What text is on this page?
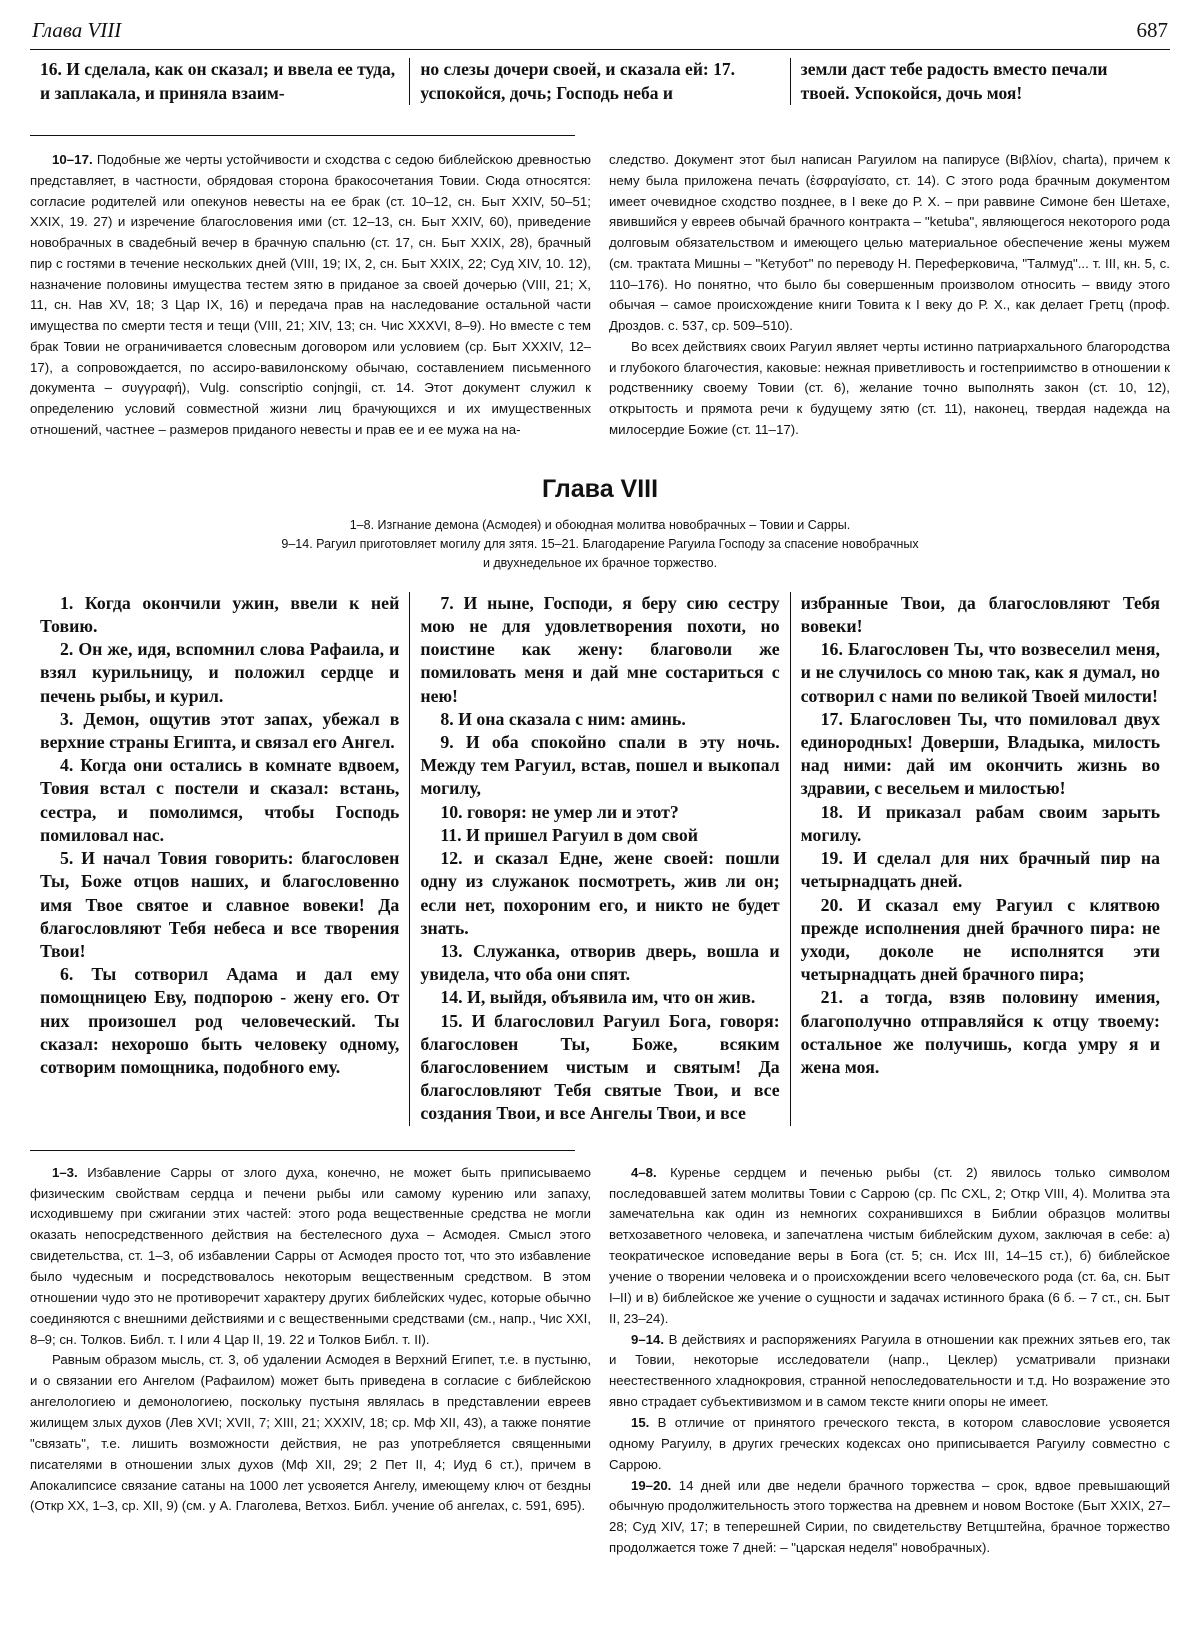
Глава VIII	687

16. И сделала, как он сказал; и ввела ее туда, и заплакала, и приняла взаим-

но слезы дочери своей, и сказала ей: 17. успокойся, дочь; Господь неба и

земли даст тебе радость вместо печали твоей. Успокойся, дочь моя!

10–17. Подобные же черты устойчивости и сходства с седою библейскою древностью представляет, в частности, обрядовая сторона бракосочетания Товии. Сюда относятся: согласие родителей или опекунов невесты на ее брак (ст. 10–12, сн. Быт XXIV, 50–51; XXIX, 19. 27) и изречение благословения ими (ст. 12–13, сн. Быт XXIV, 60), приведение новобрачных в свадебный вечер в брачную спальню (ст. 17, сн. Быт XXIX, 28), брачный пир с гостями в течение нескольких дней (VIII, 19; IX, 2, сн. Быт XXIX, 22; Суд XIV, 10. 12), назначение половины имущества тестем зятю в приданое за своей дочерью (VIII, 21; X, 11, сн. Нав XV, 18; 3 Цар IX, 16) и передача прав на наследование остальной части имущества по смерти тестя и тещи (VIII, 21; XIV, 13; сн. Чис XXXVI, 8–9). Но вместе с тем брак Товии не ограничивается словесным договором или условием (ср. Быт XXXIV, 12–17), а сопровождается, по ассиро-вавилонскому обычаю, составлением письменного документа – συγγραφή), Vulg. conscriptio conjngii, ст. 14. Этот документ служил к определению условий совместной жизни лиц брачующихся и их имущественных отношений, частнее – размеров приданого невесты и прав ее и ее мужа на на-

следство. Документ этот был написан Рагуилом на папирусе (Βιβλίον, charta), причем к нему была приложена печать (ἐσφραγίσατο, ст. 14). С этого рода брачным документом имеет очевидное сходство позднее, в I веке до Р. Х. – при раввине Симоне бен Шетахе, явившийся у евреев обычай брачного контракта – "ketuba", являющегося некоторого рода долговым обязательством и имеющего целью материальное обеспечение жены мужем (см. трактата Мишны – "Кетубот" по переводу Н. Переферковича, "Талмуд"... т. III, кн. 5, с. 110–176). Но понятно, что было бы совершенным произволом относить – ввиду этого обычая – самое происхождение книги Товита к I веку до Р. Х., как делает Гретц (проф. Дроздов. с. 537, ср. 509–510).

Во всех действиях своих Рагуил являет черты истинно патриархального благородства и глубокого благочестия, каковые: нежная приветливость и гостеприимство в отношении к родственнику своему Товии (ст. 6), желание точно выполнять закон (ст. 10, 12), открытость и прямота речи к будущему зятю (ст. 11), наконец, твердая надежда на милосердие Божие (ст. 11–17).

Глава VIII
1–8. Изгнание демона (Асмодея) и обоюдная молитва новобрачных – Товии и Сарры.
9–14. Рагуил приготовляет могилу для зятя. 15–21. Благодарение Рагуила Господу за спасение новобрачных
и двухнедельное их брачное торжество.

1. Когда окончили ужин, ввели к ней Товию.

2. Он же, идя, вспомнил слова Рафаила, и взял курильницу, и положил сердце и печень рыбы, и курил.

3. Демон, ощутив этот запах, убежал в верхние страны Египта, и связал его Ангел.

4. Когда они остались в комнате вдвоем, Товия встал с постели и сказал: встань, сестра, и помолимся, чтобы Господь помиловал нас.

5. И начал Товия говорить: благословен Ты, Боже отцов наших, и благословенно имя Твое святое и славное вовеки! Да благословляют Тебя небеса и все творения Твои!

6. Ты сотворил Адама и дал ему помощницею Еву, подпорою - жену его. От них произошел род человеческий. Ты сказал: нехорошо быть человеку одному, сотворим помощника, подобного ему.

7. И ныне, Господи, я беру сию сестру мою не для удовлетворения похоти, но поистине как жену: благоволи же помиловать меня и дай мне состариться с нею!

8. И она сказала с ним: аминь.

9. И оба спокойно спали в эту ночь. Между тем Рагуил, встав, пошел и выкопал могилу,

10. говоря: не умер ли и этот?

11. И пришел Рагуил в дом свой

12. и сказал Едне, жене своей: пошли одну из служанок посмотреть, жив ли он; если нет, похороним его, и никто не будет знать.

13. Служанка, отворив дверь, вошла и увидела, что оба они спят.

14. И, выйдя, объявила им, что он жив.

15. И благословил Рагуил Бога, говоря: благословен Ты, Боже, всяким благословением чистым и святым! Да благословляют Тебя святые Твои, и все создания Твои, и все Ангелы Твои, и все

избранные Твои, да благословляют Тебя вовеки!

16. Благословен Ты, что возвеселил меня, и не случилось со мною так, как я думал, но сотворил с нами по великой Твоей милости!

17. Благословен Ты, что помиловал двух единородных! Доверши, Владыка, милость над ними: дай им окончить жизнь во здравии, с весельем и милостью!

18. И приказал рабам своим зарыть могилу.

19. И сделал для них брачный пир на четырнадцать дней.

20. И сказал ему Рагуил с клятвою прежде исполнения дней брачного пира: не уходи, доколе не исполнятся эти четырнадцать дней брачного пира;

21. а тогда, взяв половину имения, благополучно отправляйся к отцу твоему: остальное же получишь, когда умру я и жена моя.

1–3. Избавление Сарры от злого духа, конечно, не может быть приписываемо физическим свойствам сердца и печени рыбы или самому курению или запаху, исходившему при сжигании этих частей: этого рода вещественные средства не могли оказать непосредственного действия на бестелесного духа – Асмодея. Смысл этого свидетельства, ст. 1–3, об избавлении Сарры от Асмодея просто тот, что это избавление было чудесным и посредствовалось некоторым вещественным средством. В этом отношении чудо это не противоречит характеру других библейских чудес, которые обычно соединяются с внешними действиями и с вещественными средствами (см., напр., Чис XXI, 8–9; сн. Толков. Библ. т. I или 4 Цар II, 19. 22 и Толков Библ. т. II).

Равным образом мысль, ст. 3, об удалении Асмодея в Верхний Египет, т.е. в пустыню, и о связании его Ангелом (Рафаилом) может быть приведена в согласие с библейскою ангелологиею и демонологиею, поскольку пустыня являлась в представлении евреев жилищем злых духов (Лев XVI; XVII, 7; XIII, 21; XXXIV, 18; ср. Мф XII, 43), а также понятие "связать", т.е. лишить возможности действия, не раз употребляется священными писателями в отношении злых духов (Мф XII, 29; 2 Пет II, 4; Иуд 6 ст.), причем в Апокалипсисе связание сатаны на 1000 лет усвояется Ангелу, имеющему ключ от бездны (Откр XX, 1–3, ср. XII, 9) (см. у А. Глаголева, Ветхоз. Библ. учение об ангелах, с. 591, 695).

4–8. Куренье сердцем и печенью рыбы (ст. 2) явилось только символом последовавшей затем молитвы Товии с Саррою (ср. Пс CXL, 2; Откр VIII, 4). Молитва эта замечательна как один из немногих сохранившихся в Библии образцов молитвы ветхозаветного человека, и запечатлена чистым библейским духом, заключая в себе: а) теократическое исповедание веры в Бога (ст. 5; сн. Исх III, 14–15 ст.), б) библейское учение о творении человека и о происхождении всего человеческого рода (ст. 6а, сн. Быт I–II) и в) библейское же учение о сущности и задачах истинного брака (6 б. – 7 ст., сн. Быт II, 23–24).

9–14. В действиях и распоряжениях Рагуила в отношении как прежних зятьев его, так и Товии, некоторые исследователи (напр., Цеклер) усматривали признаки неестественного хладнокровия, странной непоследовательности и т.д. Но возражение это явно страдает субъективизмом и в самом тексте книги опоры не имеет.

15. В отличие от принятого греческого текста, в котором славословие усвояется одному Рагуилу, в других греческих кодексах оно приписывается Рагуилу совместно с Саррою.

19–20. 14 дней или две недели брачного торжества – срок, вдвое превышающий обычную продолжительность этого торжества на древнем и новом Востоке (Быт XXIX, 27–28; Суд XIV, 17; в теперешней Сирии, по свидетельству Ветцштейна, брачное торжество продолжается тоже 7 дней: – "царская неделя" новобрачных).
